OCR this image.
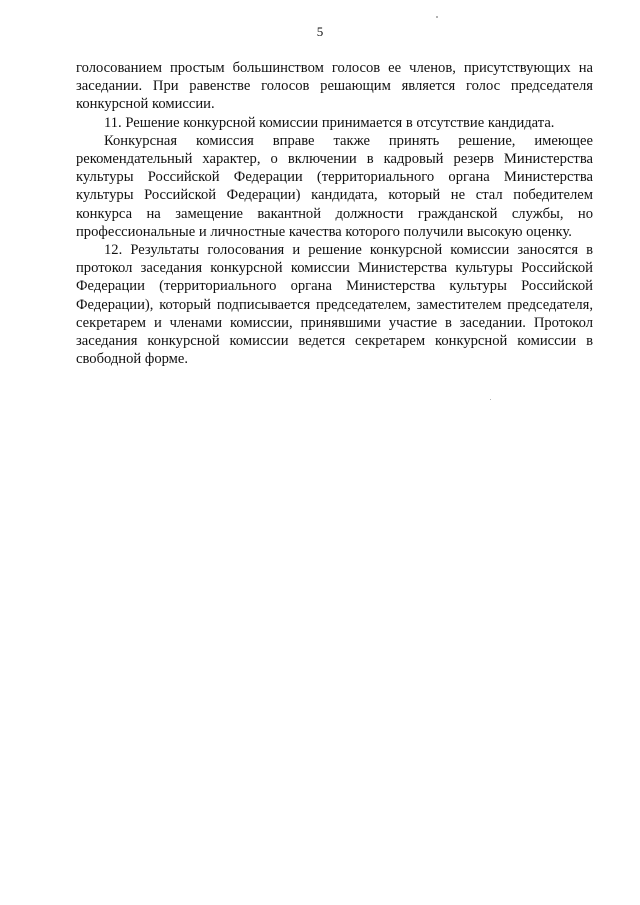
5

голосованием простым большинством голосов ее членов, присутствующих на заседании. При равенстве голосов решающим является голос председателя конкурсной комиссии.

11. Решение конкурсной комиссии принимается в отсутствие кандидата.

Конкурсная комиссия вправе также принять решение, имеющее рекомендательный характер, о включении в кадровый резерв Министерства культуры Российской Федерации (территориального органа Министерства культуры Российской Федерации) кандидата, который не стал победителем конкурса на замещение вакантной должности гражданской службы, но профессиональные и личностные качества которого получили высокую оценку.

12. Результаты голосования и решение конкурсной комиссии заносятся в протокол заседания конкурсной комиссии Министерства культуры Российской Федерации (территориального органа Министерства культуры Российской Федерации), который подписывается председателем, заместителем председателя, секретарем и членами комиссии, принявшими участие в заседании. Протокол заседания конкурсной комиссии ведется секретарем конкурсной комиссии в свободной форме.
